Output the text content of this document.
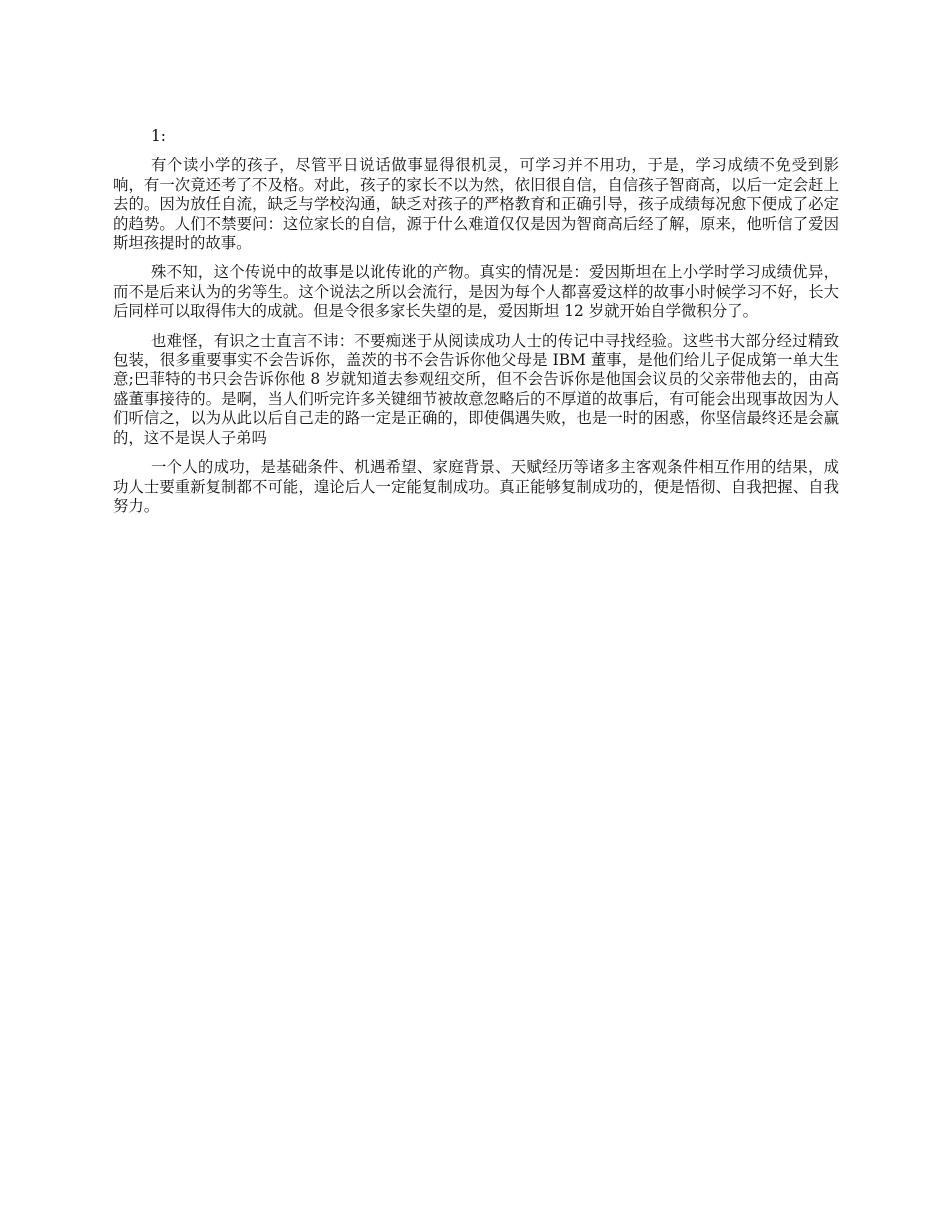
1:

有个读小学的孩子，尽管平日说话做事显得很机灵，可学习并不用功，于是，学习成绩不免受到影响，有一次竟还考了不及格。对此，孩子的家长不以为然，依旧很自信，自信孩子智商高，以后一定会赶上去的。因为放任自流，缺乏与学校沟通，缺乏对孩子的严格教育和正确引导，孩子成绩每况愈下便成了必定的趋势。人们不禁要问：这位家长的自信，源于什么难道仅仅是因为智商高后经了解，原来，他听信了爱因斯坦孩提时的故事。

殊不知，这个传说中的故事是以讹传讹的产物。真实的情况是：爱因斯坦在上小学时学习成绩优异，而不是后来认为的劣等生。这个说法之所以会流行，是因为每个人都喜爱这样的故事小时候学习不好，长大后同样可以取得伟大的成就。但是令很多家长失望的是，爱因斯坦 12 岁就开始自学微积分了。

也难怪，有识之士直言不讳：不要痴迷于从阅读成功人士的传记中寻找经验。这些书大部分经过精致包装，很多重要事实不会告诉你，盖茨的书不会告诉你他父母是 IBM 董事，是他们给儿子促成第一单大生意;巴菲特的书只会告诉你他 8 岁就知道去参观纽交所，但不会告诉你是他国会议员的父亲带他去的，由高盛董事接待的。是啊，当人们听完许多关键细节被故意忽略后的不厚道的故事后，有可能会出现事故因为人们听信之，以为从此以后自己走的路一定是正确的，即使偶遇失败，也是一时的困惑，你坚信最终还是会赢的，这不是误人子弟吗

一个人的成功，是基础条件、机遇希望、家庭背景、天赋经历等诸多主客观条件相互作用的结果，成功人士要重新复制都不可能，遑论后人一定能复制成功。真正能够复制成功的，便是悟彻、自我把握、自我努力。
